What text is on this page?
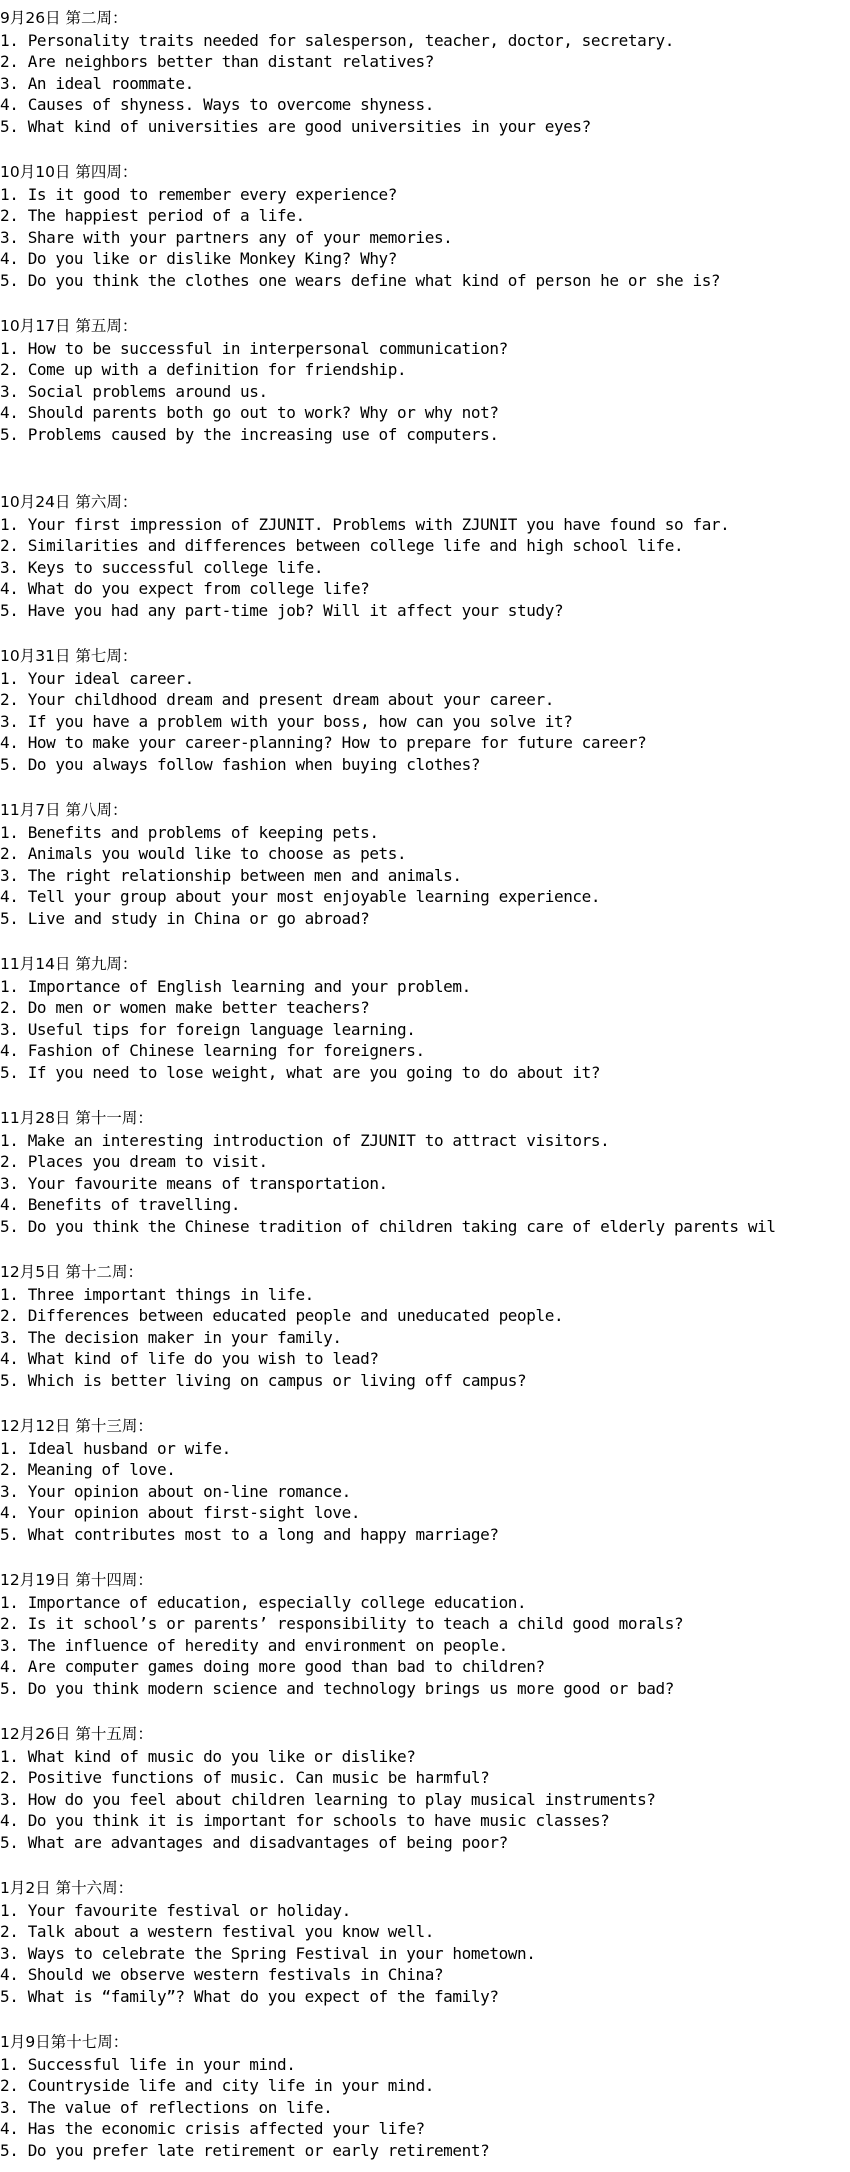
9月26日 第二周：
1. Personality traits needed for salesperson, teacher, doctor, secretary.
2. Are neighbors better than distant relatives?
3. An ideal roommate.
4. Causes of shyness. Ways to overcome shyness.
5. What kind of universities are good universities in your eyes?
10月10日 第四周：
1. Is it good to remember every experience?
2. The happiest period of a life.
3. Share with your partners any of your memories.
4. Do you like or dislike Monkey King? Why?
5. Do you think the clothes one wears define what kind of person he or she is?
10月17日 第五周：
1. How to be successful in interpersonal communication?
2. Come up with a definition for friendship.
3. Social problems around us.
4. Should parents both go out to work? Why or why not?
5. Problems caused by the increasing use of computers.
10月24日 第六周：
1. Your first impression of ZJUNIT. Problems with ZJUNIT you have found so far.
2. Similarities and differences between college life and high school life.
3. Keys to successful college life.
4. What do you expect from college life?
5. Have you had any part-time job? Will it affect your study?
10月31日 第七周：
1. Your ideal career.
2. Your childhood dream and present dream about your career.
3. If you have a problem with your boss, how can you solve it?
4. How to make your career-planning? How to prepare for future career?
5. Do you always follow fashion when buying clothes?
11月7日 第八周：
1. Benefits and problems of keeping pets.
2. Animals you would like to choose as pets.
3. The right relationship between men and animals.
4. Tell your group about your most enjoyable learning experience.
5. Live and study in China or go abroad?
11月14日 第九周：
1. Importance of English learning and your problem.
2. Do men or women make better teachers?
3. Useful tips for foreign language learning.
4. Fashion of Chinese learning for foreigners.
5. If you need to lose weight, what are you going to do about it?
11月28日 第十一周：
1. Make an interesting introduction of ZJUNIT to attract visitors.
2. Places you dream to visit.
3. Your favourite means of transportation.
4. Benefits of travelling.
5. Do you think the Chinese tradition of children taking care of elderly parents wil
12月5日 第十二周：
1. Three important things in life.
2. Differences between educated people and uneducated people.
3. The decision maker in your family.
4. What kind of life do you wish to lead?
5. Which is better living on campus or living off campus?
12月12日 第十三周：
1. Ideal husband or wife.
2. Meaning of love.
3. Your opinion about on-line romance.
4. Your opinion about first-sight love.
5. What contributes most to a long and happy marriage?
12月19日 第十四周：
1. Importance of education, especially college education.
2. Is it school’s or parents’ responsibility to teach a child good morals?
3. The influence of heredity and environment on people.
4. Are computer games doing more good than bad to children?
5. Do you think modern science and technology brings us more good or bad?
12月26日 第十五周：
1. What kind of music do you like or dislike?
2. Positive functions of music. Can music be harmful?
3. How do you feel about children learning to play musical instruments?
4. Do you think it is important for schools to have music classes?
5. What are advantages and disadvantages of being poor?
1月2日 第十六周：
1. Your favourite festival or holiday.
2. Talk about a western festival you know well.
3. Ways to celebrate the Spring Festival in your hometown.
4. Should we observe western festivals in China?
5. What is “family”? What do you expect of the family?
1月9日第十七周：
1. Successful life in your mind.
2. Countryside life and city life in your mind.
3. The value of reflections on life.
4. Has the economic crisis affected your life?
5. Do you prefer late retirement or early retirement?
